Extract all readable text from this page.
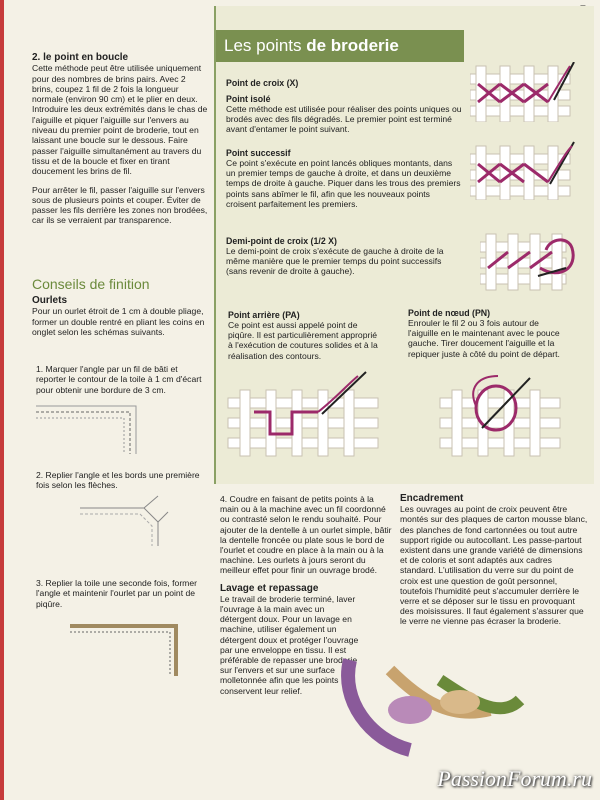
2. le point en boucle
Cette méthode peut être utilisée uniquement pour des nombres de brins pairs. Avec 2 brins, coupez 1 fil de 2 fois la longueur normale (environ 90 cm) et le plier en deux. Introduire les deux extrémités dans le chas de l'aiguille et piquer l'aiguille sur l'envers au niveau du premier point de broderie, tout en laissant une boucle sur le dessous. Faire passer l'aiguille simultanément au travers du tissu et de la boucle et fixer en tirant doucement les brins de fil.

Pour arrêter le fil, passer l'aiguille sur l'envers sous de plusieurs points et couper. Éviter de passer les fils derrière les zones non brodées, car ils se verraient par transparence.

Conseils de finition
Ourlets
Pour un ourlet étroit de 1 cm à double pliage, former un double rentré en pliant les coins en onglet selon les schémas suivants.
1. Marquer l'angle par un fil de bâti et reporter le contour de la toile à 1 cm d'écart pour obtenir une bordure de 3 cm.
2. Replier l'angle et les bords une première fois selon les flèches.
3. Replier la toile une seconde fois, former l'angle et maintenir l'ourlet par un point de piqûre.
Les points de broderie
Point de croix (X)
Point isolé
Cette méthode est utilisée pour réaliser des points uniques ou brodés avec des fils dégradés. Le premier point est terminé avant d'entamer le point suivant.
Point successif
Ce point s'exécute en point lancés obliques montants, dans un premier temps de gauche à droite, et dans un deuxième temps de droite à gauche. Piquer dans les trous des premiers points sans abîmer le fil, afin que les nouveaux points croisent parfaitement les premiers.
Demi-point de croix (1/2 X)
Le demi-point de croix s'exécute de gauche à droite de la même manière que le premier temps du point successifs (sans revenir de droite à gauche).
Point arrière (PA)
Ce point est aussi appelé point de piqûre. Il est particulièrement approprié à l'exécution de coutures solides et à la réalisation des contours.
Point de nœud (PN)
Enrouler le fil 2 ou 3 fois autour de l'aiguille en le maintenant avec le pouce gauche. Tirer doucement l'aiguille et la repiquer juste à côté du point de départ.
4. Coudre en faisant de petits points à la main ou à la machine avec un fil coordonné ou contrasté selon le rendu souhaité. Pour ajouter de la dentelle à un ourlet simple, bâtir la dentelle froncée ou plate sous le bord de l'ourlet et coudre en place à la main ou à la machine. Les ourlets à jours seront du meilleur effet pour finir un ouvrage brodé.
Lavage et repassage
Le travail de broderie terminé, laver l'ouvrage à la main avec un détergent doux. Pour un lavage en machine, utiliser également un détergent doux et protéger l'ouvrage par une enveloppe en tissu. Il est préférable de repasser une broderie sur l'envers et sur une surface molletonnée afin que les points conservent leur relief.
Encadrement
Les ouvrages au point de croix peuvent être montés sur des plaques de carton mousse blanc, des planches de fond cartonnées ou tout autre support rigide ou autocollant. Les passe-partout existent dans une grande variété de dimensions et de coloris et sont adaptés aux cadres standard. L'utilisation du verre sur du point de croix est une question de goût personnel, toutefois l'humidité peut s'accumuler derrière le verre et se déposer sur le tissu en provoquant des moisissures. Il faut également s'assurer que le verre ne vienne pas écraser la broderie.
PassionForum.ru
